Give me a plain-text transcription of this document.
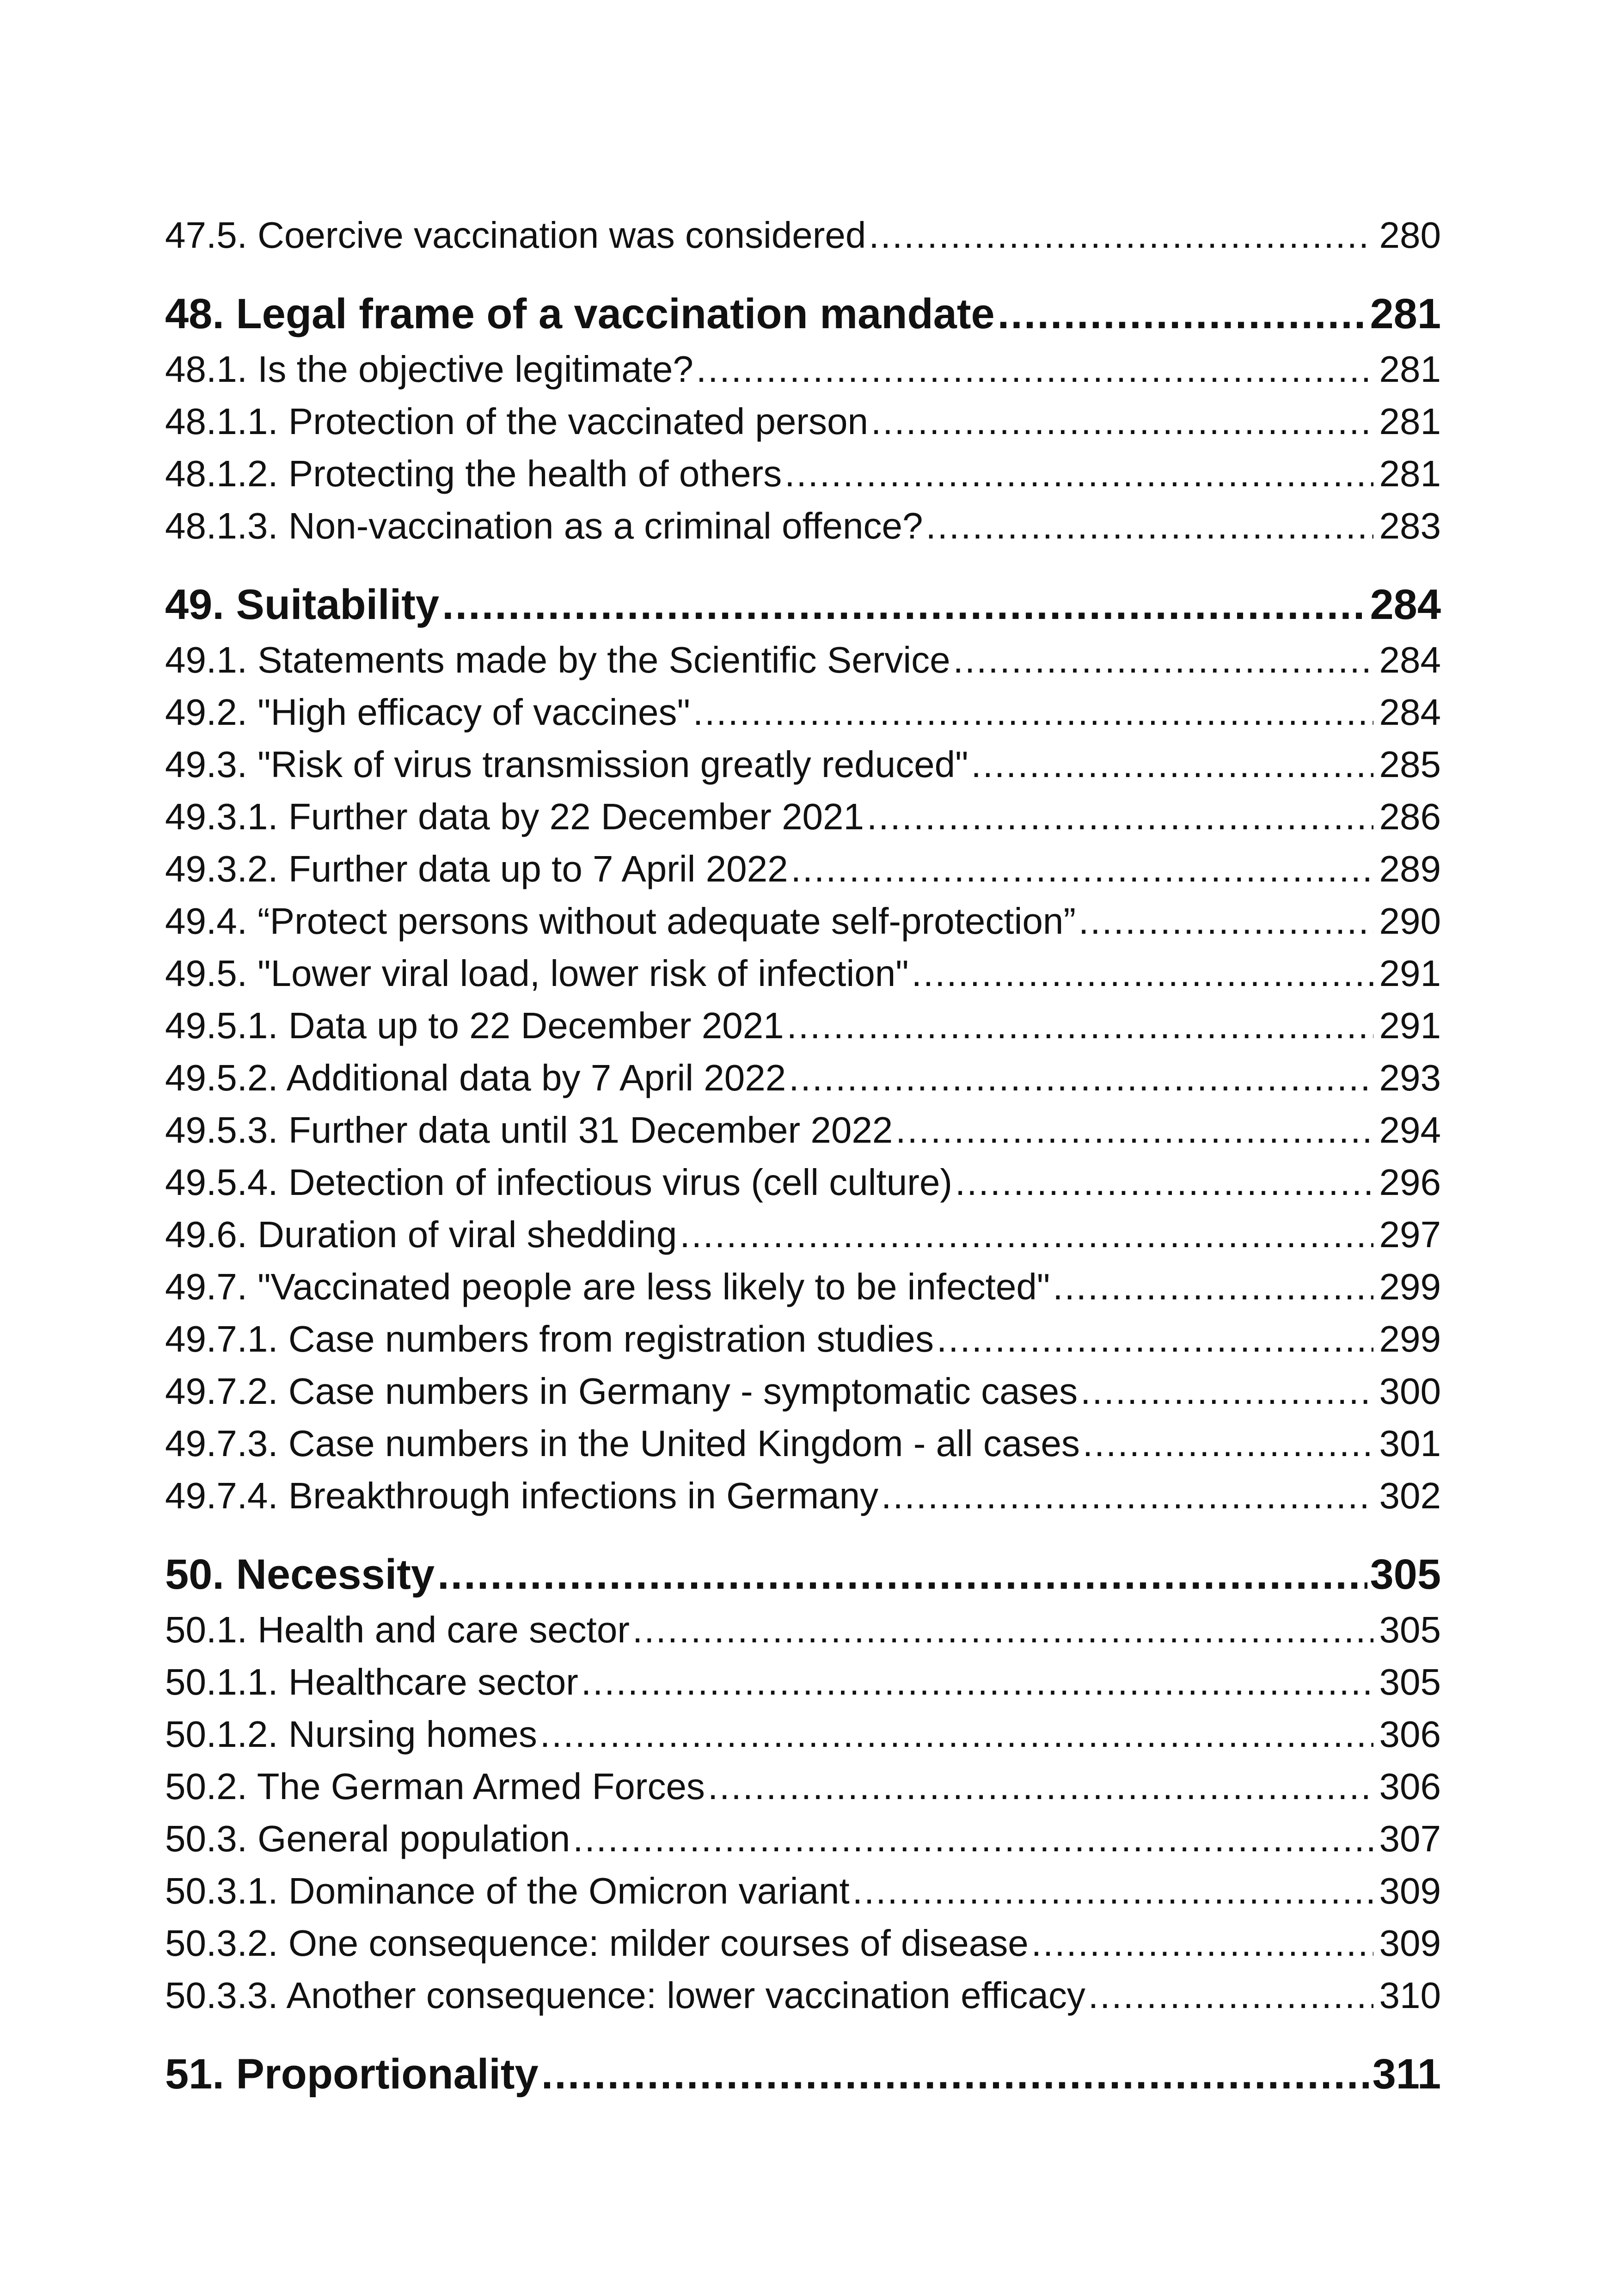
47.5. Coercive vaccination was considered .....	280
48. Legal frame of a vaccination mandate .....	281
48.1. Is the objective legitimate? .....	281
48.1.1. Protection of the vaccinated person .....	281
48.1.2. Protecting the health of others .....	281
48.1.3. Non-vaccination as a criminal offence? .....	283
49. Suitability .....	284
49.1. Statements made by the Scientific Service .....	284
49.2. "High efficacy of vaccines" .....	284
49.3. "Risk of virus transmission greatly reduced" .....	285
49.3.1. Further data by 22 December 2021 .....	286
49.3.2. Further data up to 7 April 2022 .....	289
49.4. “Protect persons without adequate self-protection” .....	290
49.5. "Lower viral load, lower risk of infection" .....	291
49.5.1. Data up to 22 December 2021 .....	291
49.5.2. Additional data by 7 April 2022 .....	293
49.5.3. Further data until 31 December 2022 .....	294
49.5.4. Detection of infectious virus (cell culture) .....	296
49.6. Duration of viral shedding .....	297
49.7. "Vaccinated people are less likely to be infected" .....	299
49.7.1. Case numbers from registration studies .....	299
49.7.2. Case numbers in Germany - symptomatic cases .....	300
49.7.3. Case numbers in the United Kingdom - all cases .....	301
49.7.4. Breakthrough infections in Germany .....	302
50. Necessity .....	305
50.1. Health and care sector .....	305
50.1.1. Healthcare sector .....	305
50.1.2. Nursing homes .....	306
50.2. The German Armed Forces .....	306
50.3. General population .....	307
50.3.1. Dominance of the Omicron variant .....	309
50.3.2. One consequence: milder courses of disease .....	309
50.3.3. Another consequence: lower vaccination efficacy .....	310
51. Proportionality .....	311
